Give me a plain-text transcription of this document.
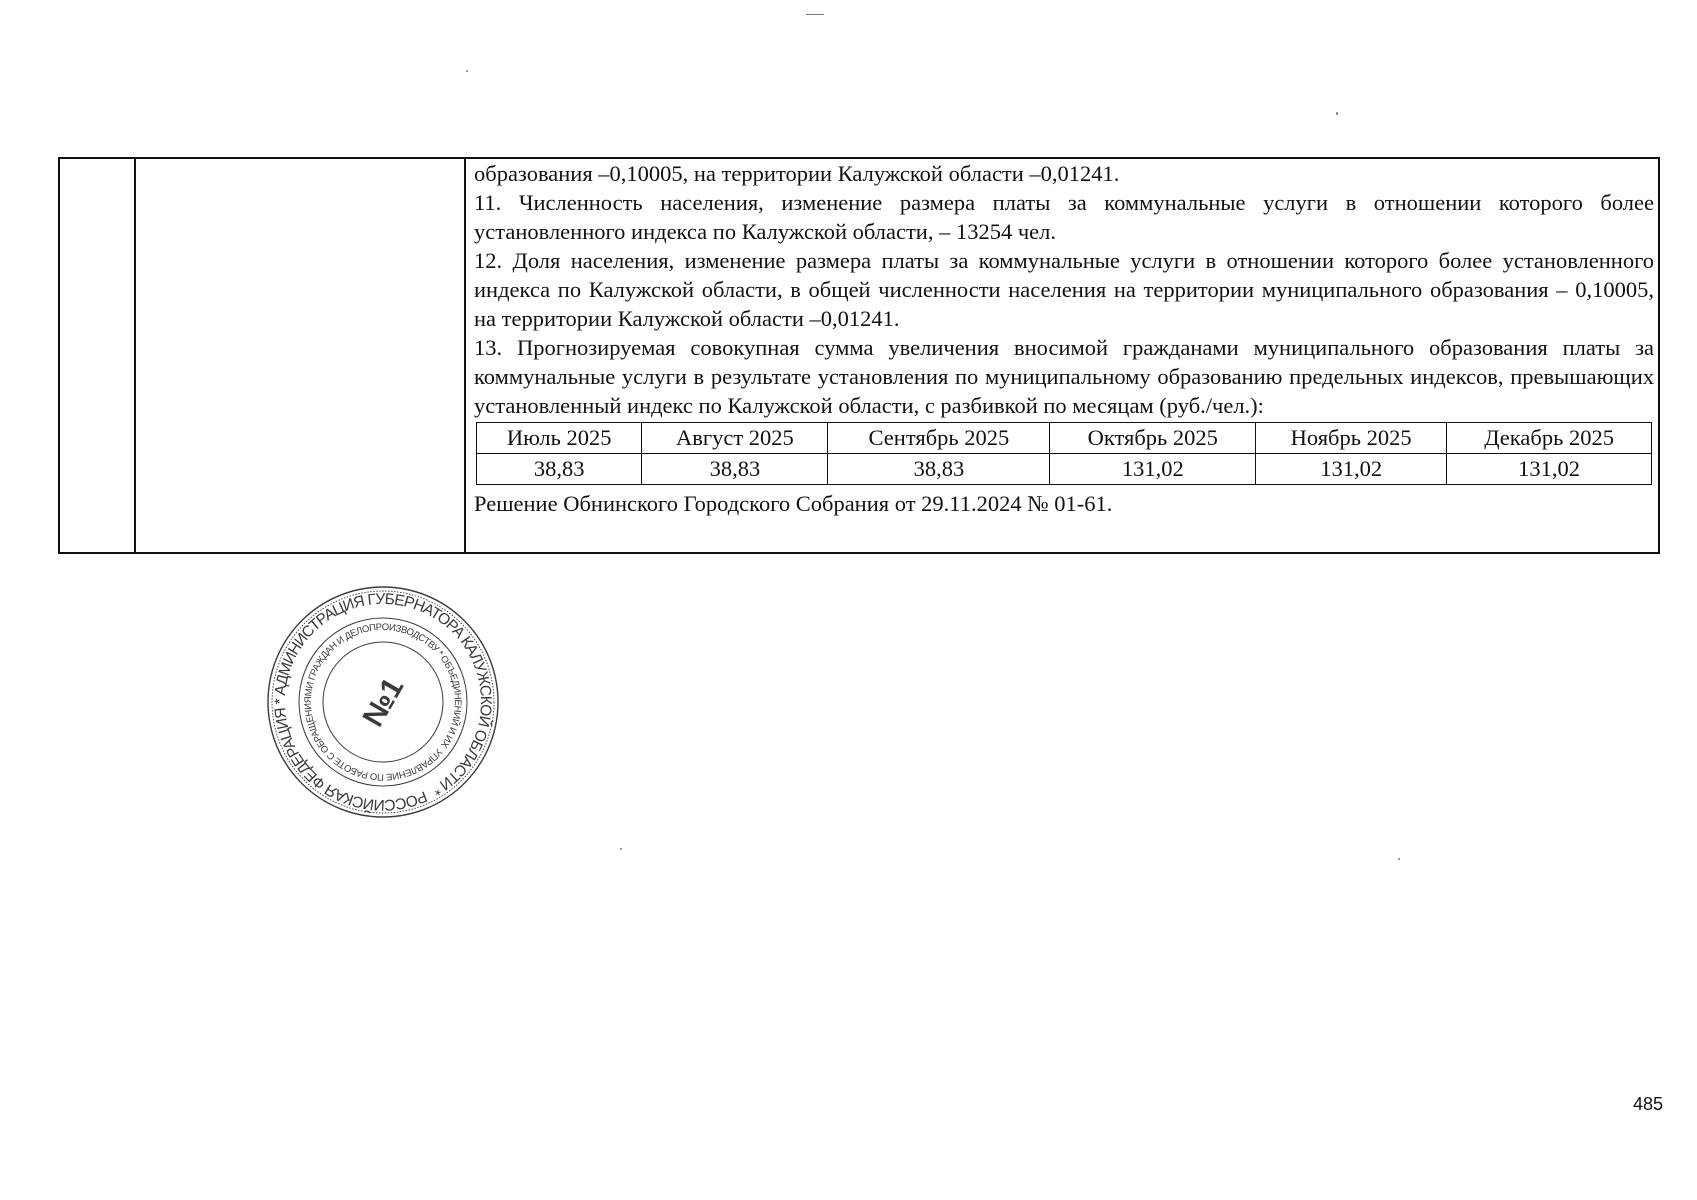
образования –0,10005, на территории Калужской области –0,01241.

11. Численность населения, изменение размера платы за коммунальные услуги в отношении которого более установленного индекса по Калужской области, – 13254 чел.

12. Доля населения, изменение размера платы за коммунальные услуги в отношении которого более установленного индекса по Калужской области, в общей численности населения на территории муниципального образования – 0,10005, на территории Калужской области –0,01241.

13. Прогнозируемая совокупная сумма увеличения вносимой гражданами муниципального образования платы за коммунальные услуги в результате установления по муниципальному образованию предельных индексов, превышающих установленный индекс по Калужской области, с разбивкой по месяцам (руб./чел.):

Июль 2025	Август 2025	Сентябрь 2025	Октябрь 2025	Ноябрь 2025	Декабрь 2025
38,83	38,83	38,83	131,02	131,02	131,02

Решение Обнинского Городского Собрания от 29.11.2024 № 01-61.

РОССИЙСКАЯ ФЕДЕРАЦИЯ * АДМИНИСТРАЦИЯ ГУБЕРНАТОРА КАЛУЖСКОЙ ОБЛАСТИ *
УПРАВЛЕНИЕ ПО РАБОТЕ С ОБРАЩЕНИЯМИ ГРАЖДАН И ДЕЛОПРОИЗВОДСТВУ * ОБЪЕДИНЕНИЙ И ИХ
№1
485
